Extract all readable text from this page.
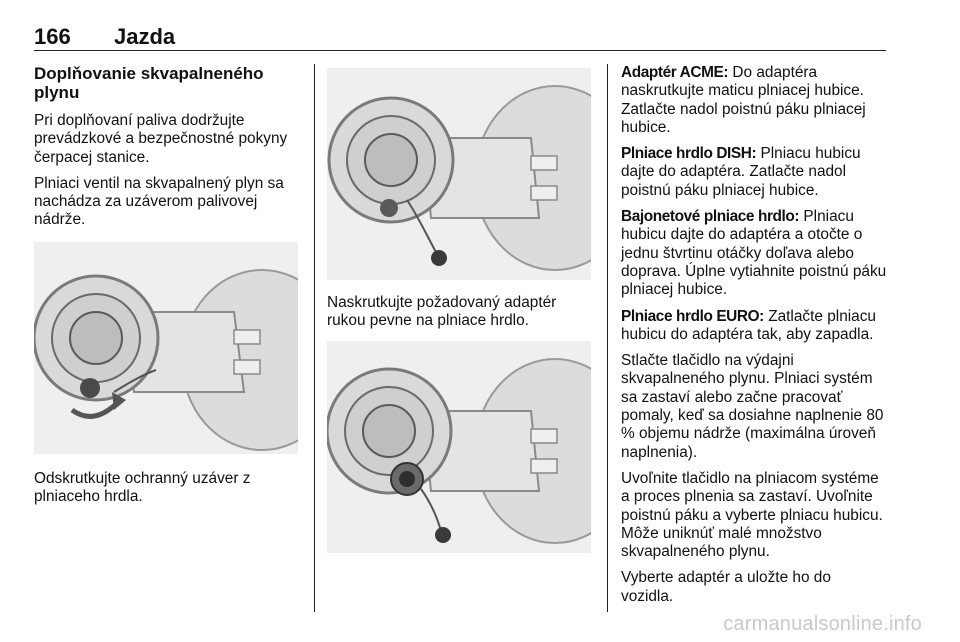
166 Jazda
Doplňovanie skvapalneného plynu

Pri doplňovaní paliva dodržujte prevádzkové a bezpečnostné pokyny čerpacej stanice.

Plniaci ventil na skvapalnený plyn sa nachádza za uzáverom palivovej nádrže.

Odskrutkujte ochranný uzáver z plniaceho hrdla.

Naskrutkujte požadovaný adaptér rukou pevne na plniace hrdlo.

Adaptér ACME: Do adaptéra naskrutkujte maticu plniacej hubice. Zatlačte nadol poistnú páku plniacej hubice.

Plniace hrdlo DISH: Plniacu hubicu dajte do adaptéra. Zatlačte nadol poistnú páku plniacej hubice.

Bajonetové plniace hrdlo: Plniacu hubicu dajte do adaptéra a otočte o jednu štvrtinu otáčky doľava alebo doprava. Úplne vytiahnite poistnú páku plniacej hubice.

Plniace hrdlo EURO: Zatlačte plniacu hubicu do adaptéra tak, aby zapadla.

Stlačte tlačidlo na výdajni skvapalneného plynu. Plniaci systém sa zastaví alebo začne pracovať pomaly, keď sa dosiahne naplnenie 80 % objemu nádrže (maximálna úroveň naplnenia).

Uvoľnite tlačidlo na plniacom systéme a proces plnenia sa zastaví. Uvoľnite poistnú páku a vyberte plniacu hubicu. Môže uniknúť malé množstvo skvapalneného plynu.

Vyberte adaptér a uložte ho do vozidla.

carmanualsonline.info
